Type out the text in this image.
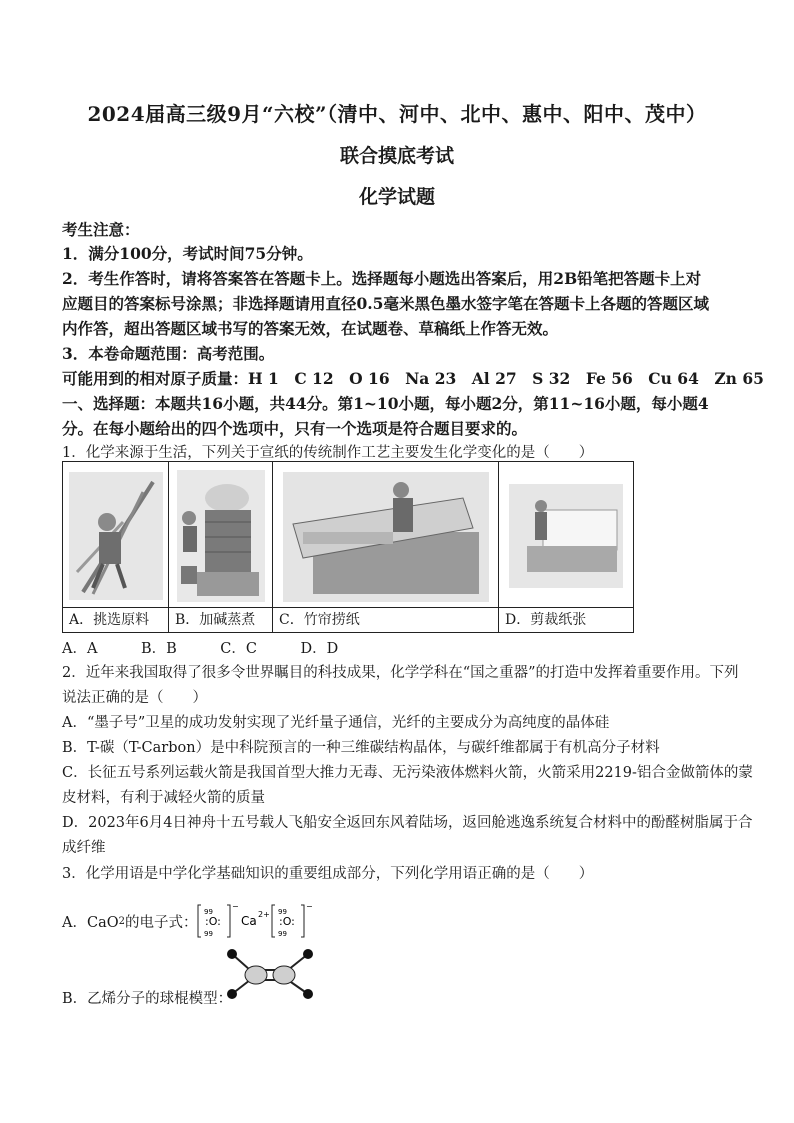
2024届高三级9月“六校”（清中、河中、北中、惠中、阳中、茂中）
联合摸底考试
化学试题
考生注意：
1．满分100分，考试时间75分钟。
2．考生作答时，请将答案答在答题卡上。选择题每小题选出答案后，用2B铅笔把答题卡上对
应题目的答案标号涂黑；非选择题请用直径0.5毫米黑色墨水签字笔在答题卡上各题的答题区域
内作答，超出答题区域书写的答案无效，在试题卷、草稿纸上作答无效。
3．本卷命题范围：高考范围。
可能用到的相对原子质量：H 1　C 12　O 16　Na 23　Al 27　S 32　Fe 56　Cu 64　Zn 65
一、选择题：本题共16小题，共44分。第1~10小题，每小题2分，第11~16小题，每小题4
分。在每小题给出的四个选项中，只有一个选项是符合题目要求的。
1．化学来源于生活，下列关于宣纸的传统制作工艺主要发生化学变化的是（　　）
A．挑选原料	B．加碱蒸煮	C．竹帘捞纸	D．剪裁纸张
A．A　　　B．B　　　C．C　　　D．D
2．近年来我国取得了很多令世界瞩目的科技成果，化学学科在“国之重器”的打造中发挥着重要作用。下列
说法正确的是（　　）
A．“墨子号”卫星的成功发射实现了光纤量子通信，光纤的主要成分为高纯度的晶体硅
B．T-碳（T-Carbon）是中科院预言的一种三维碳结构晶体，与碳纤维都属于有机高分子材料
C．长征五号系列运载火箭是我国首型大推力无毒、无污染液体燃料火箭，火箭采用2219-铝合金做箭体的蒙
皮材料，有利于减轻火箭的质量
D．2023年6月4日神舟十五号载人飞船安全返回东风着陆场，返回舱逃逸系统复合材料中的酚醛树脂属于合
成纤维
3．化学用语是中学化学基础知识的重要组成部分，下列化学用语正确的是（　　）
A．CaO 2 的电子式：
99
:O:
99
−
Ca 2+ 99
:O:
99
−
B．乙烯分子的球棍模型：
